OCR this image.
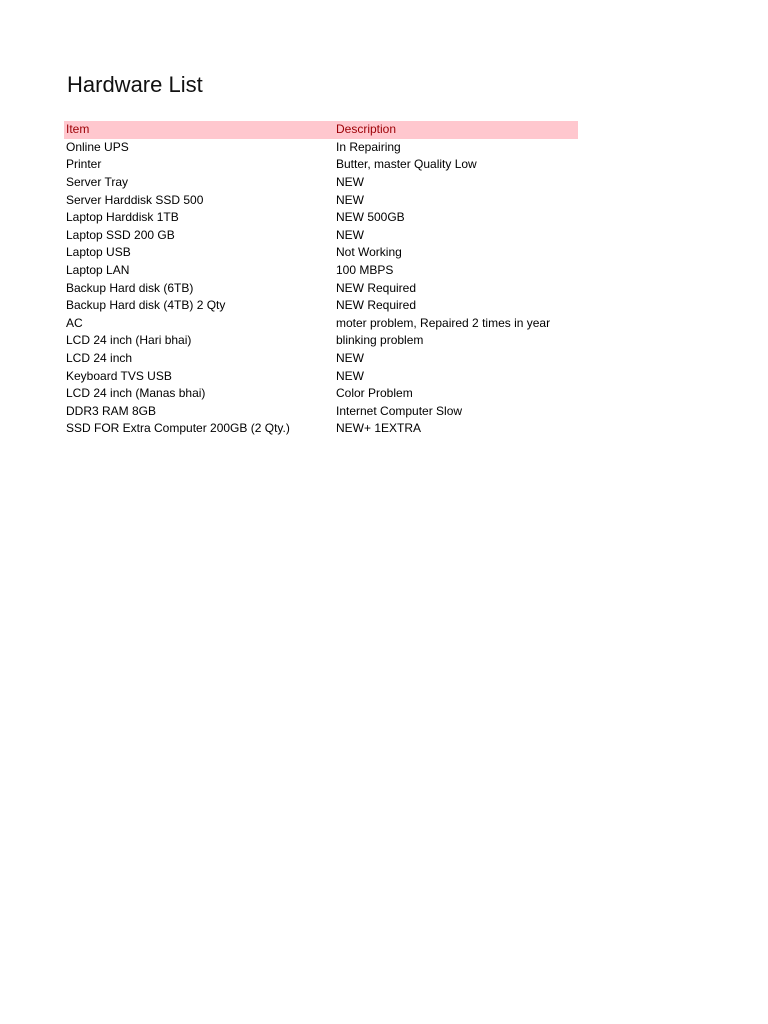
Hardware List
Item	Description
Online UPS	In Repairing
Printer	Butter, master Quality Low
Server Tray	NEW
Server Harddisk SSD 500	NEW
Laptop Harddisk 1TB	NEW 500GB
Laptop SSD 200 GB	NEW
Laptop USB	Not Working
Laptop LAN	100 MBPS
Backup Hard disk (6TB)	NEW Required
Backup Hard disk (4TB) 2 Qty	NEW Required
AC	moter problem, Repaired 2 times in year
LCD 24 inch (Hari bhai)	blinking problem
LCD 24 inch	NEW
Keyboard TVS USB	NEW
LCD 24 inch (Manas bhai)	Color Problem
DDR3 RAM 8GB	Internet Computer Slow
SSD FOR Extra Computer 200GB (2 Qty.)	NEW+ 1EXTRA
